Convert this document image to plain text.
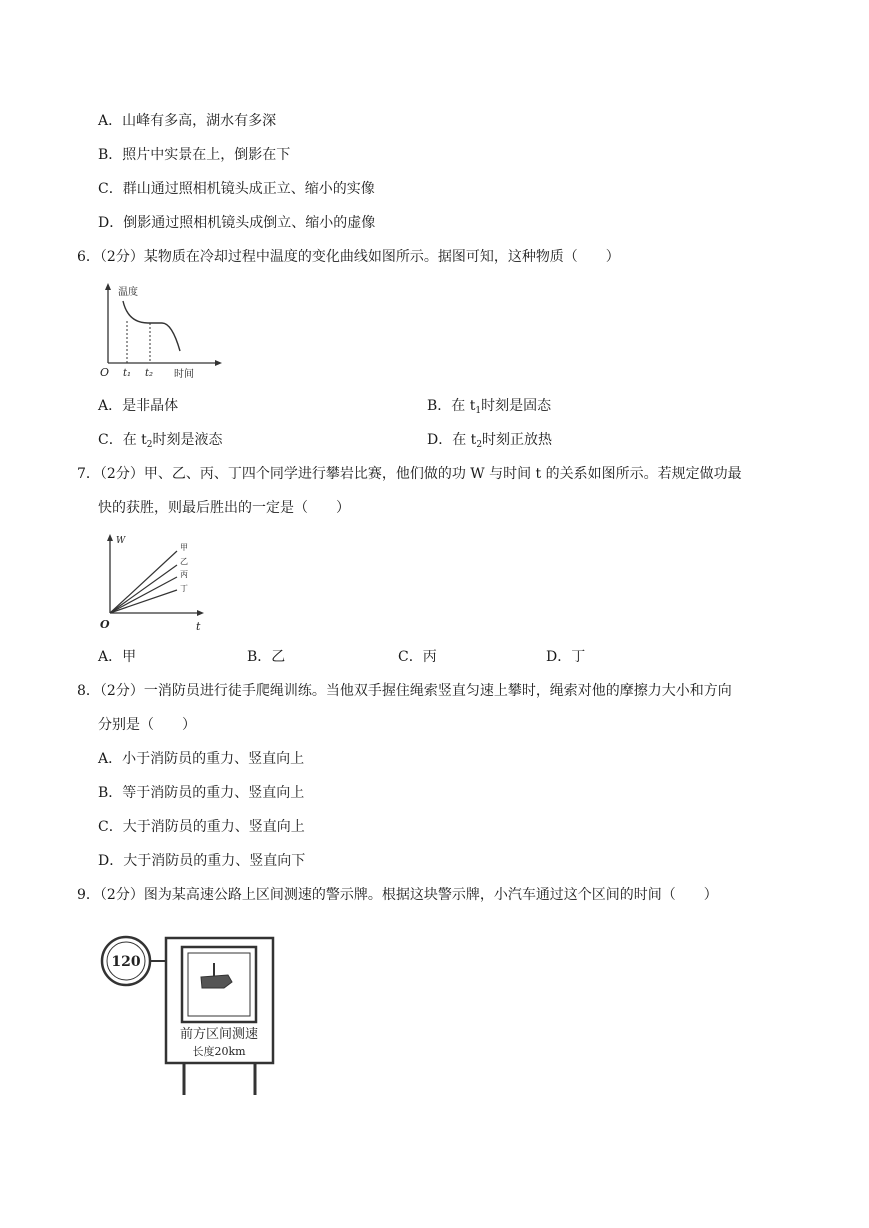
A．山峰有多高，湖水有多深
B．照片中实景在上，倒影在下
C．群山通过照相机镜头成正立、缩小的实像
D．倒影通过照相机镜头成倒立、缩小的虚像
6．（2分）某物质在冷却过程中温度的变化曲线如图所示。据图可知，这种物质（　　）
温度
O t₁ t₂ 时间
A．是非晶体	B．在 $t_1$时刻是固态
C．在 $t_2$时刻是液态	D．在 $t_2$时刻正放热
7．（2分）甲、乙、丙、丁四个同学进行攀岩比赛，他们做的功 W 与时间 t 的关系如图所示。若规定做功最
快的获胜，则最后胜出的一定是（　　）
W
甲
乙
丙
丁
O	t
A．甲	B．乙	C．丙	D．丁
8．（2分）一消防员进行徒手爬绳训练。当他双手握住绳索竖直匀速上攀时，绳索对他的摩擦力大小和方向
分别是（　　）
A．小于消防员的重力、竖直向上
B．等于消防员的重力、竖直向上
C．大于消防员的重力、竖直向上
D．大于消防员的重力、竖直向下
9．（2分）图为某高速公路上区间测速的警示牌。根据这块警示牌，小汽车通过这个区间的时间（　　）
120
前方区间测速
长度20km
